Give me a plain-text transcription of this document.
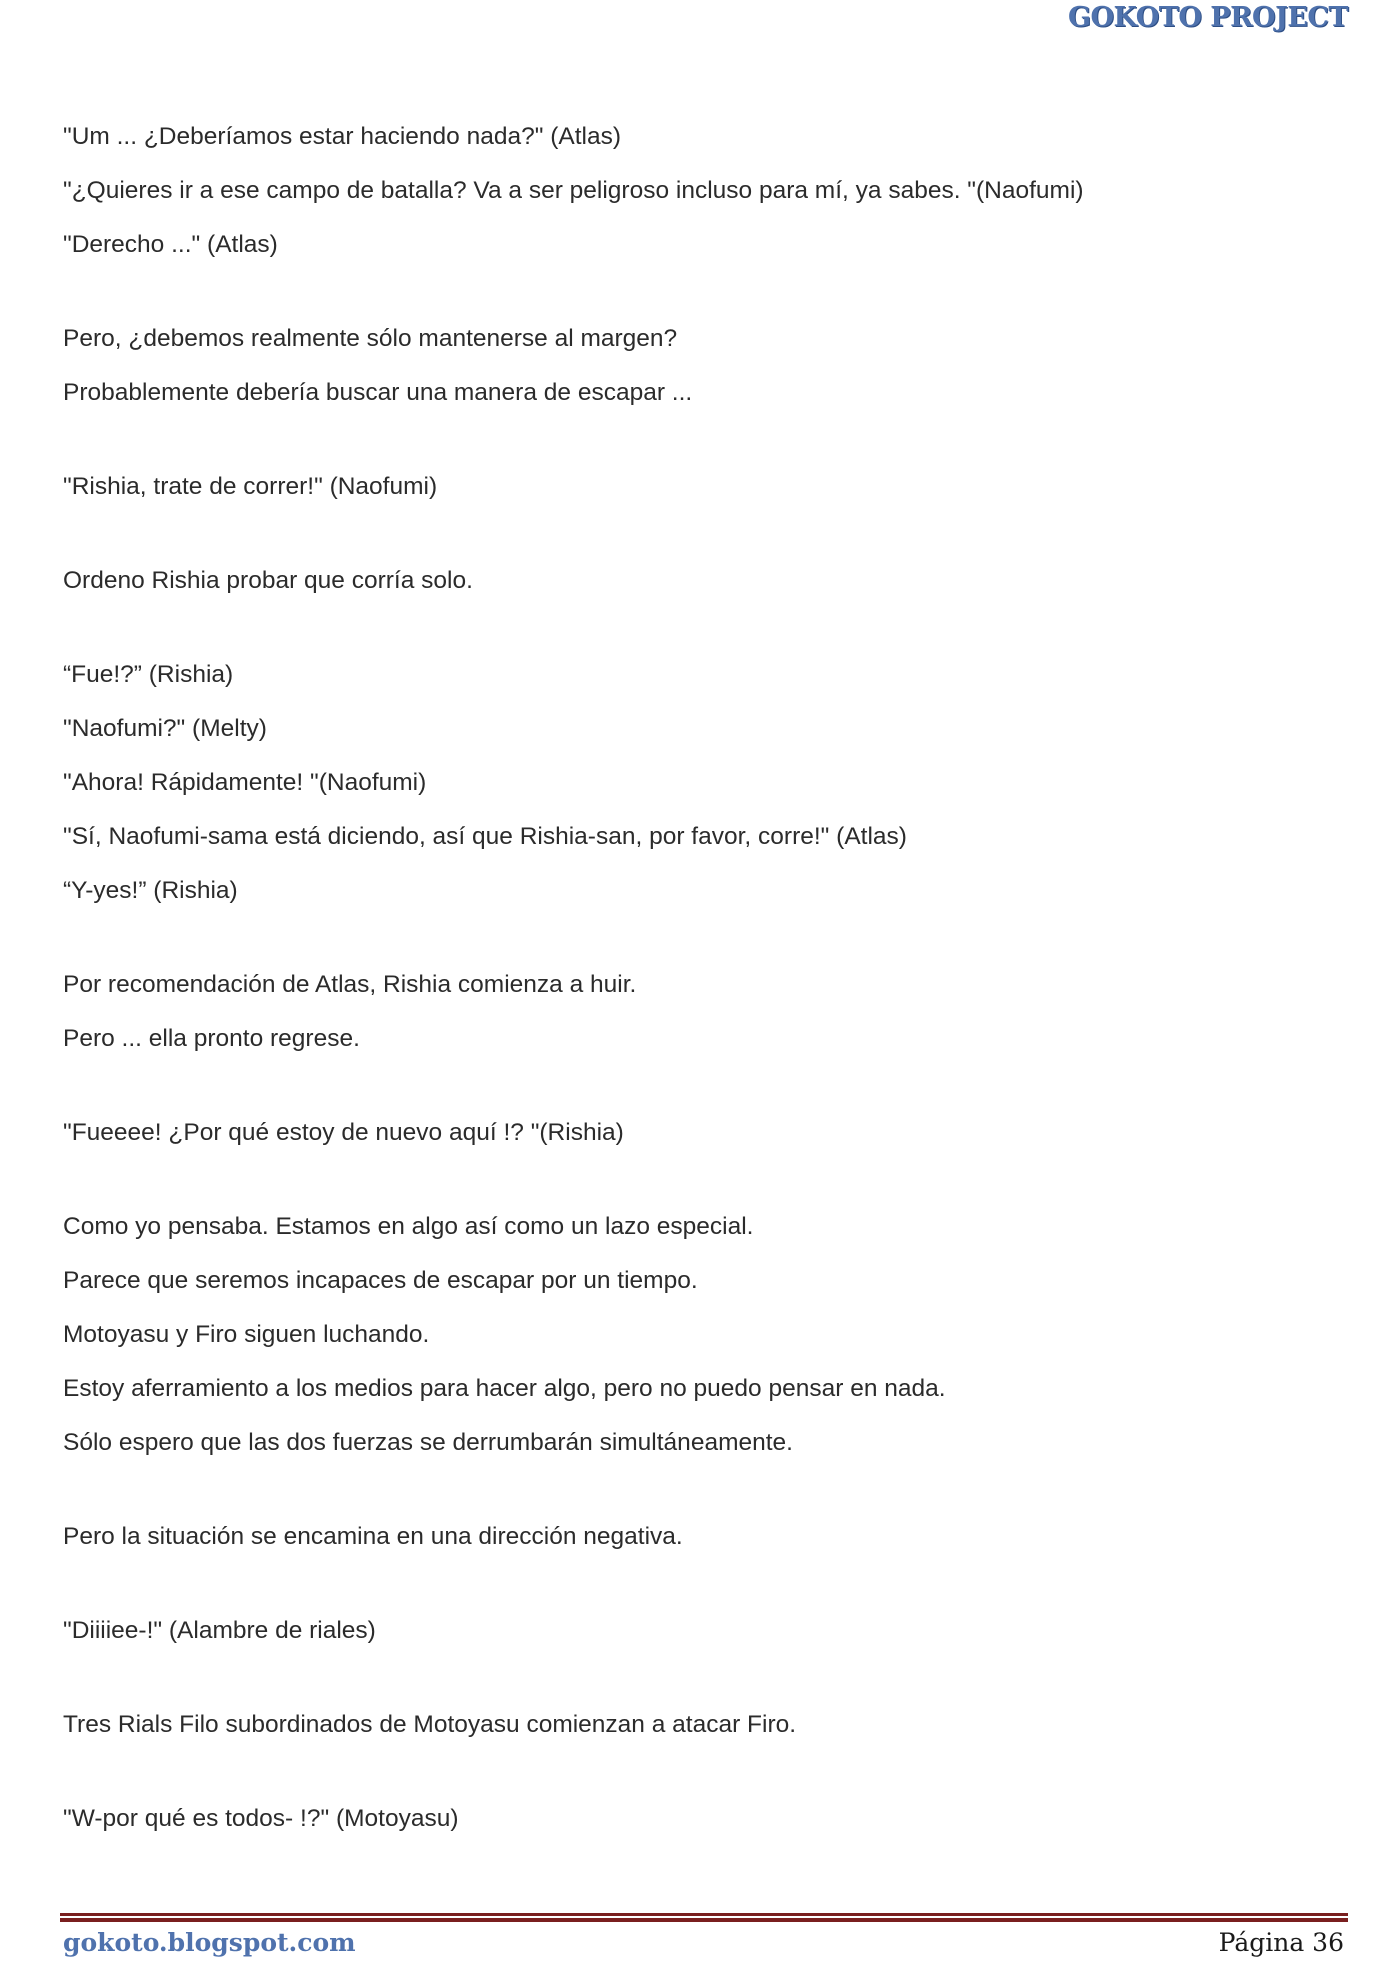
GOKOTO PROJECT

"Um ... ¿Deberíamos estar haciendo nada?" (Atlas)

"¿Quieres ir a ese campo de batalla? Va a ser peligroso incluso para mí, ya sabes. "(Naofumi)

"Derecho ..." (Atlas)

Pero, ¿debemos realmente sólo mantenerse al margen?

Probablemente debería buscar una manera de escapar ...

"Rishia, trate de correr!" (Naofumi)

Ordeno Rishia probar que corría solo.

“Fue!?” (Rishia)

"Naofumi?" (Melty)

"Ahora! Rápidamente! "(Naofumi)

"Sí, Naofumi-sama está diciendo, así que Rishia-san, por favor, corre!" (Atlas)

“Y-yes!” (Rishia)

Por recomendación de Atlas, Rishia comienza a huir.

Pero ... ella pronto regrese.

"Fueeee! ¿Por qué estoy de nuevo aquí !? "(Rishia)

Como yo pensaba. Estamos en algo así como un lazo especial.

Parece que seremos incapaces de escapar por un tiempo.

Motoyasu y Firo siguen luchando.

Estoy aferramiento a los medios para hacer algo, pero no puedo pensar en nada.

Sólo espero que las dos fuerzas se derrumbarán simultáneamente.

Pero la situación se encamina en una dirección negativa.

"Diiiiee-!" (Alambre de riales)

Tres Rials Filo subordinados de Motoyasu comienzan a atacar Firo.

"W-por qué es todos- !?" (Motoyasu)

gokoto.blogspot.com	Página 36
